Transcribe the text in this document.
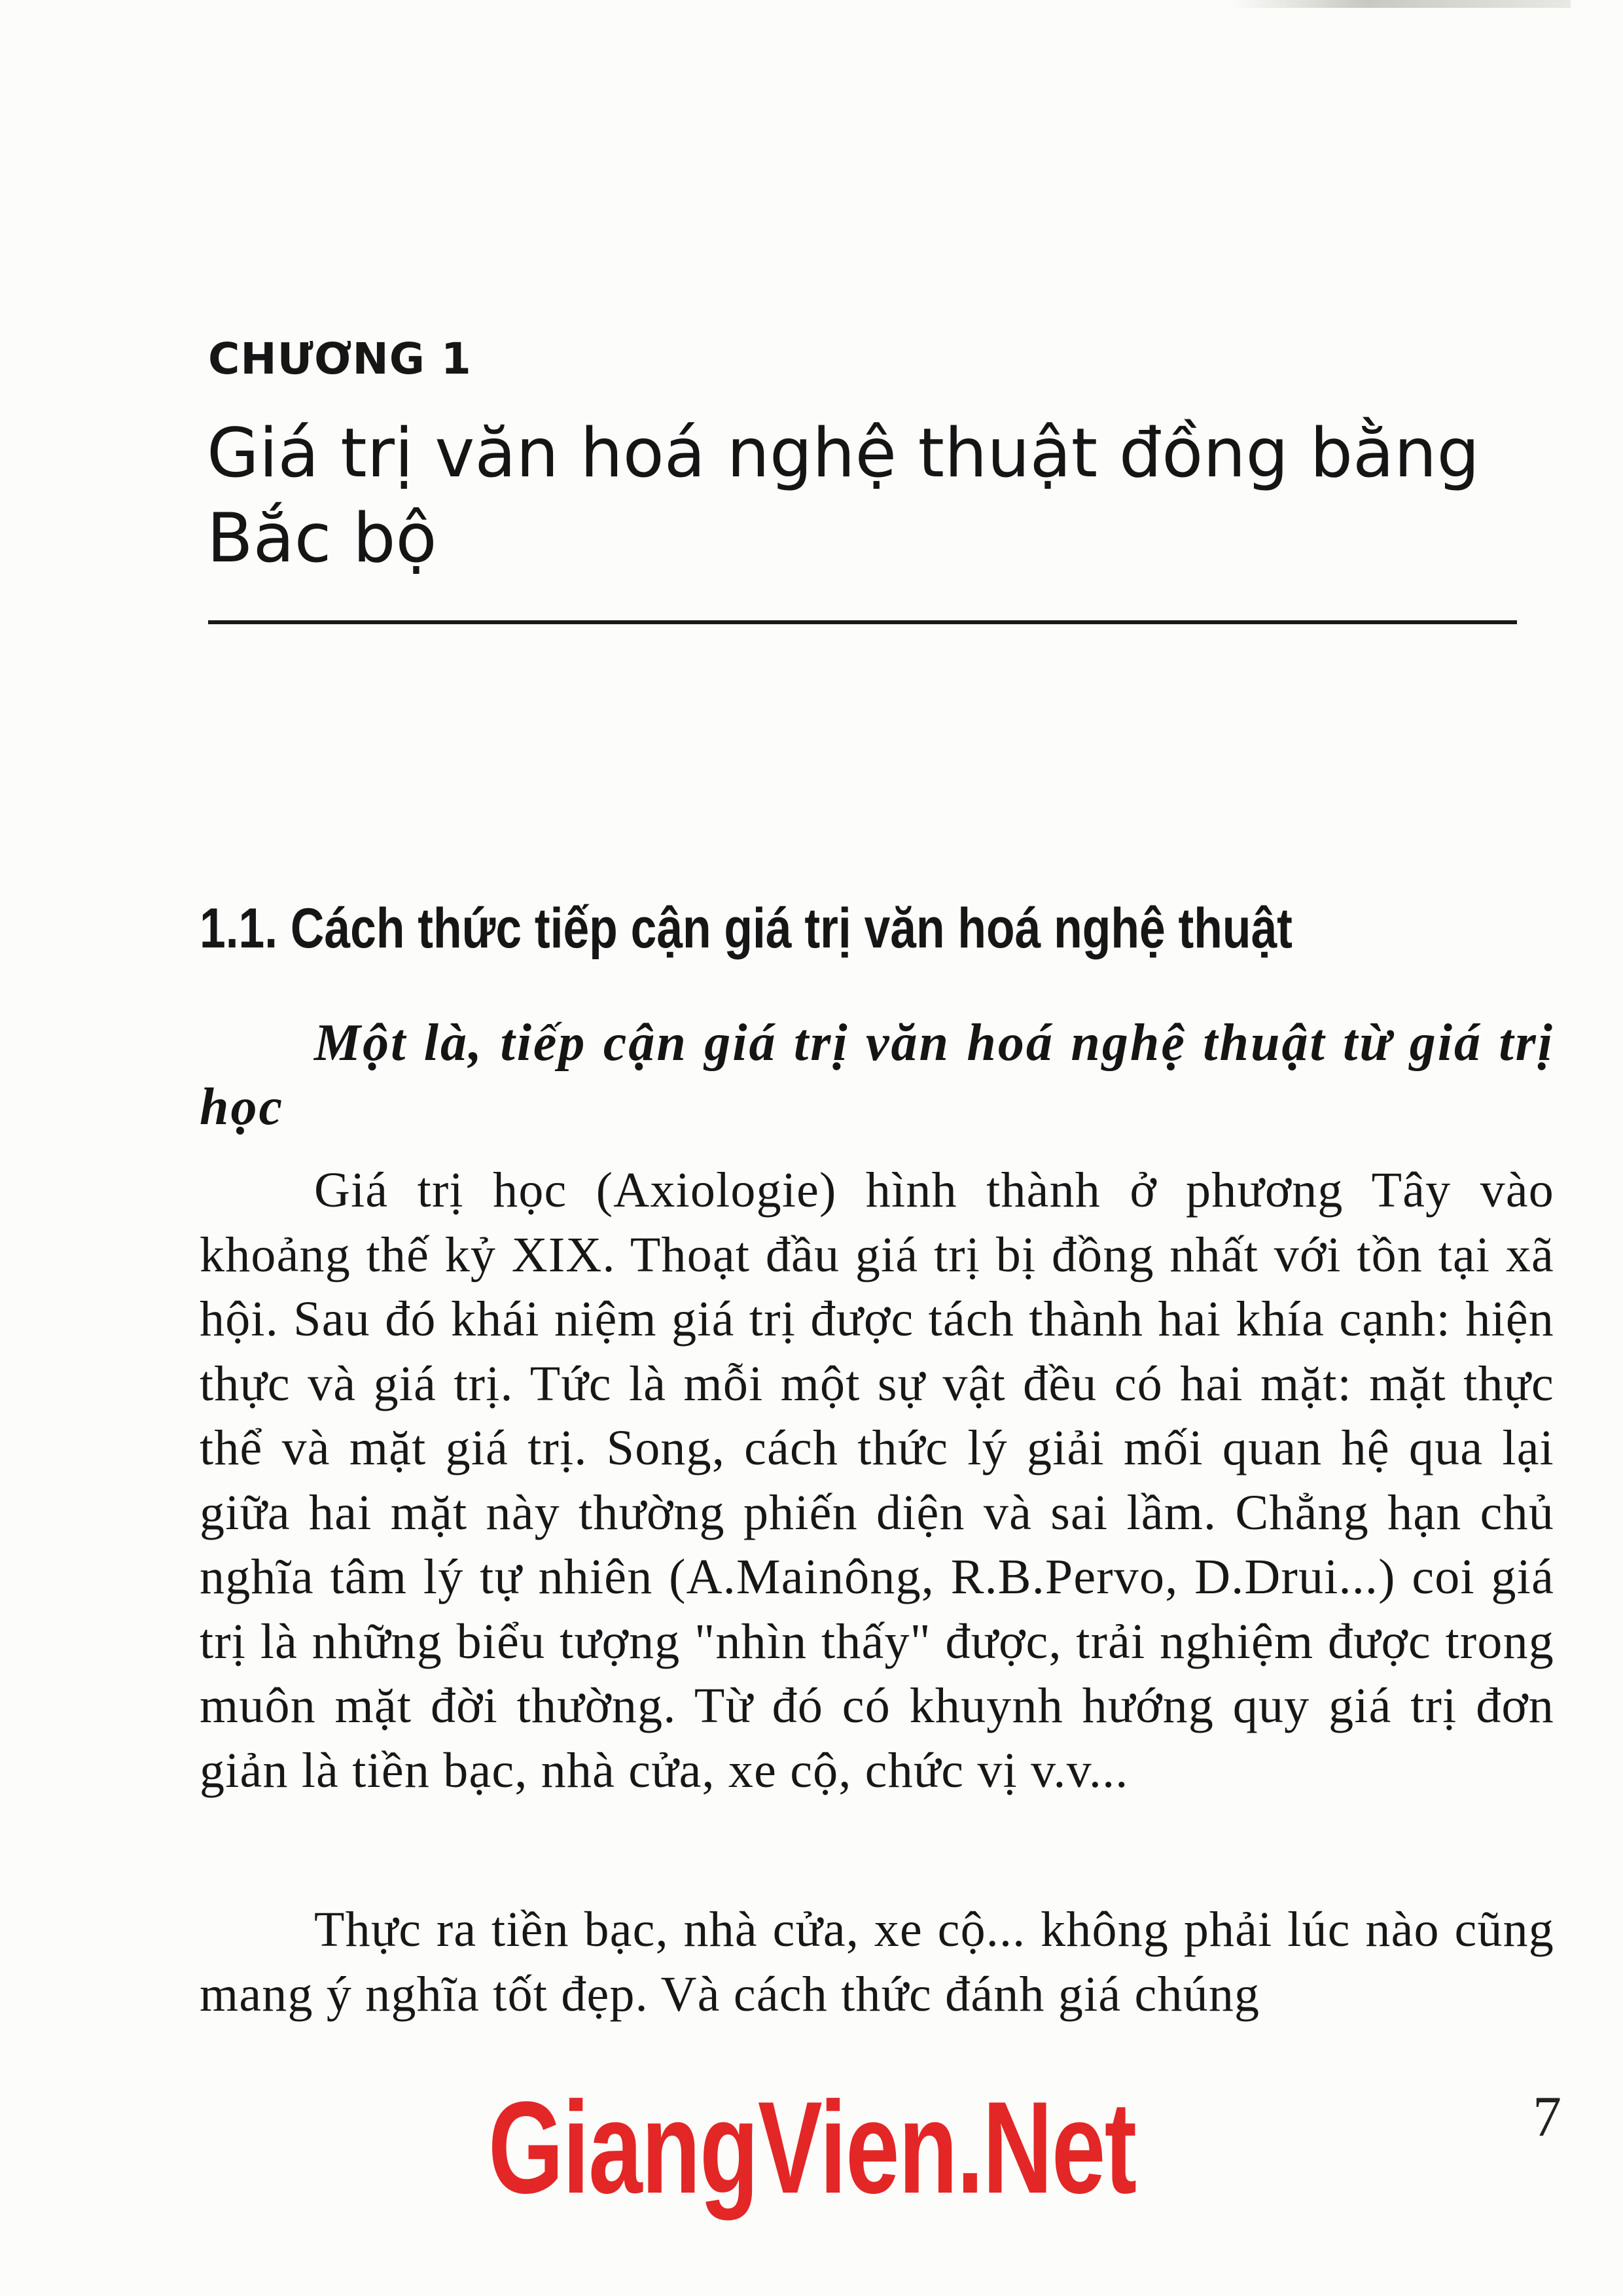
CHƯƠNG 1
Giá trị văn hoá nghệ thuật đồng bằng Bắc bộ
1.1. Cách thức tiếp cận giá trị văn hoá nghệ thuật

Một là, tiếp cận giá trị văn hoá nghệ thuật từ giá trị học

Giá trị học (Axiologie) hình thành ở phương Tây vào khoảng thế kỷ XIX. Thoạt đầu giá trị bị đồng nhất với tồn tại xã hội. Sau đó khái niệm giá trị được tách thành hai khía cạnh: hiện thực và giá trị. Tức là mỗi một sự vật đều có hai mặt: mặt thực thể và mặt giá trị. Song, cách thức lý giải mối quan hệ qua lại giữa hai mặt này thường phiến diện và sai lầm. Chẳng hạn chủ nghĩa tâm lý tự nhiên (A.Mainông, R.B.Pervo, D.Drui...) coi giá trị là những biểu tượng "nhìn thấy" được, trải nghiệm được trong muôn mặt đời thường. Từ đó có khuynh hướng quy giá trị đơn giản là tiền bạc, nhà cửa, xe cộ, chức vị v.v...

Thực ra tiền bạc, nhà cửa, xe cộ... không phải lúc nào cũng mang ý nghĩa tốt đẹp. Và cách thức đánh giá chúng

GiangVien.Net	7
